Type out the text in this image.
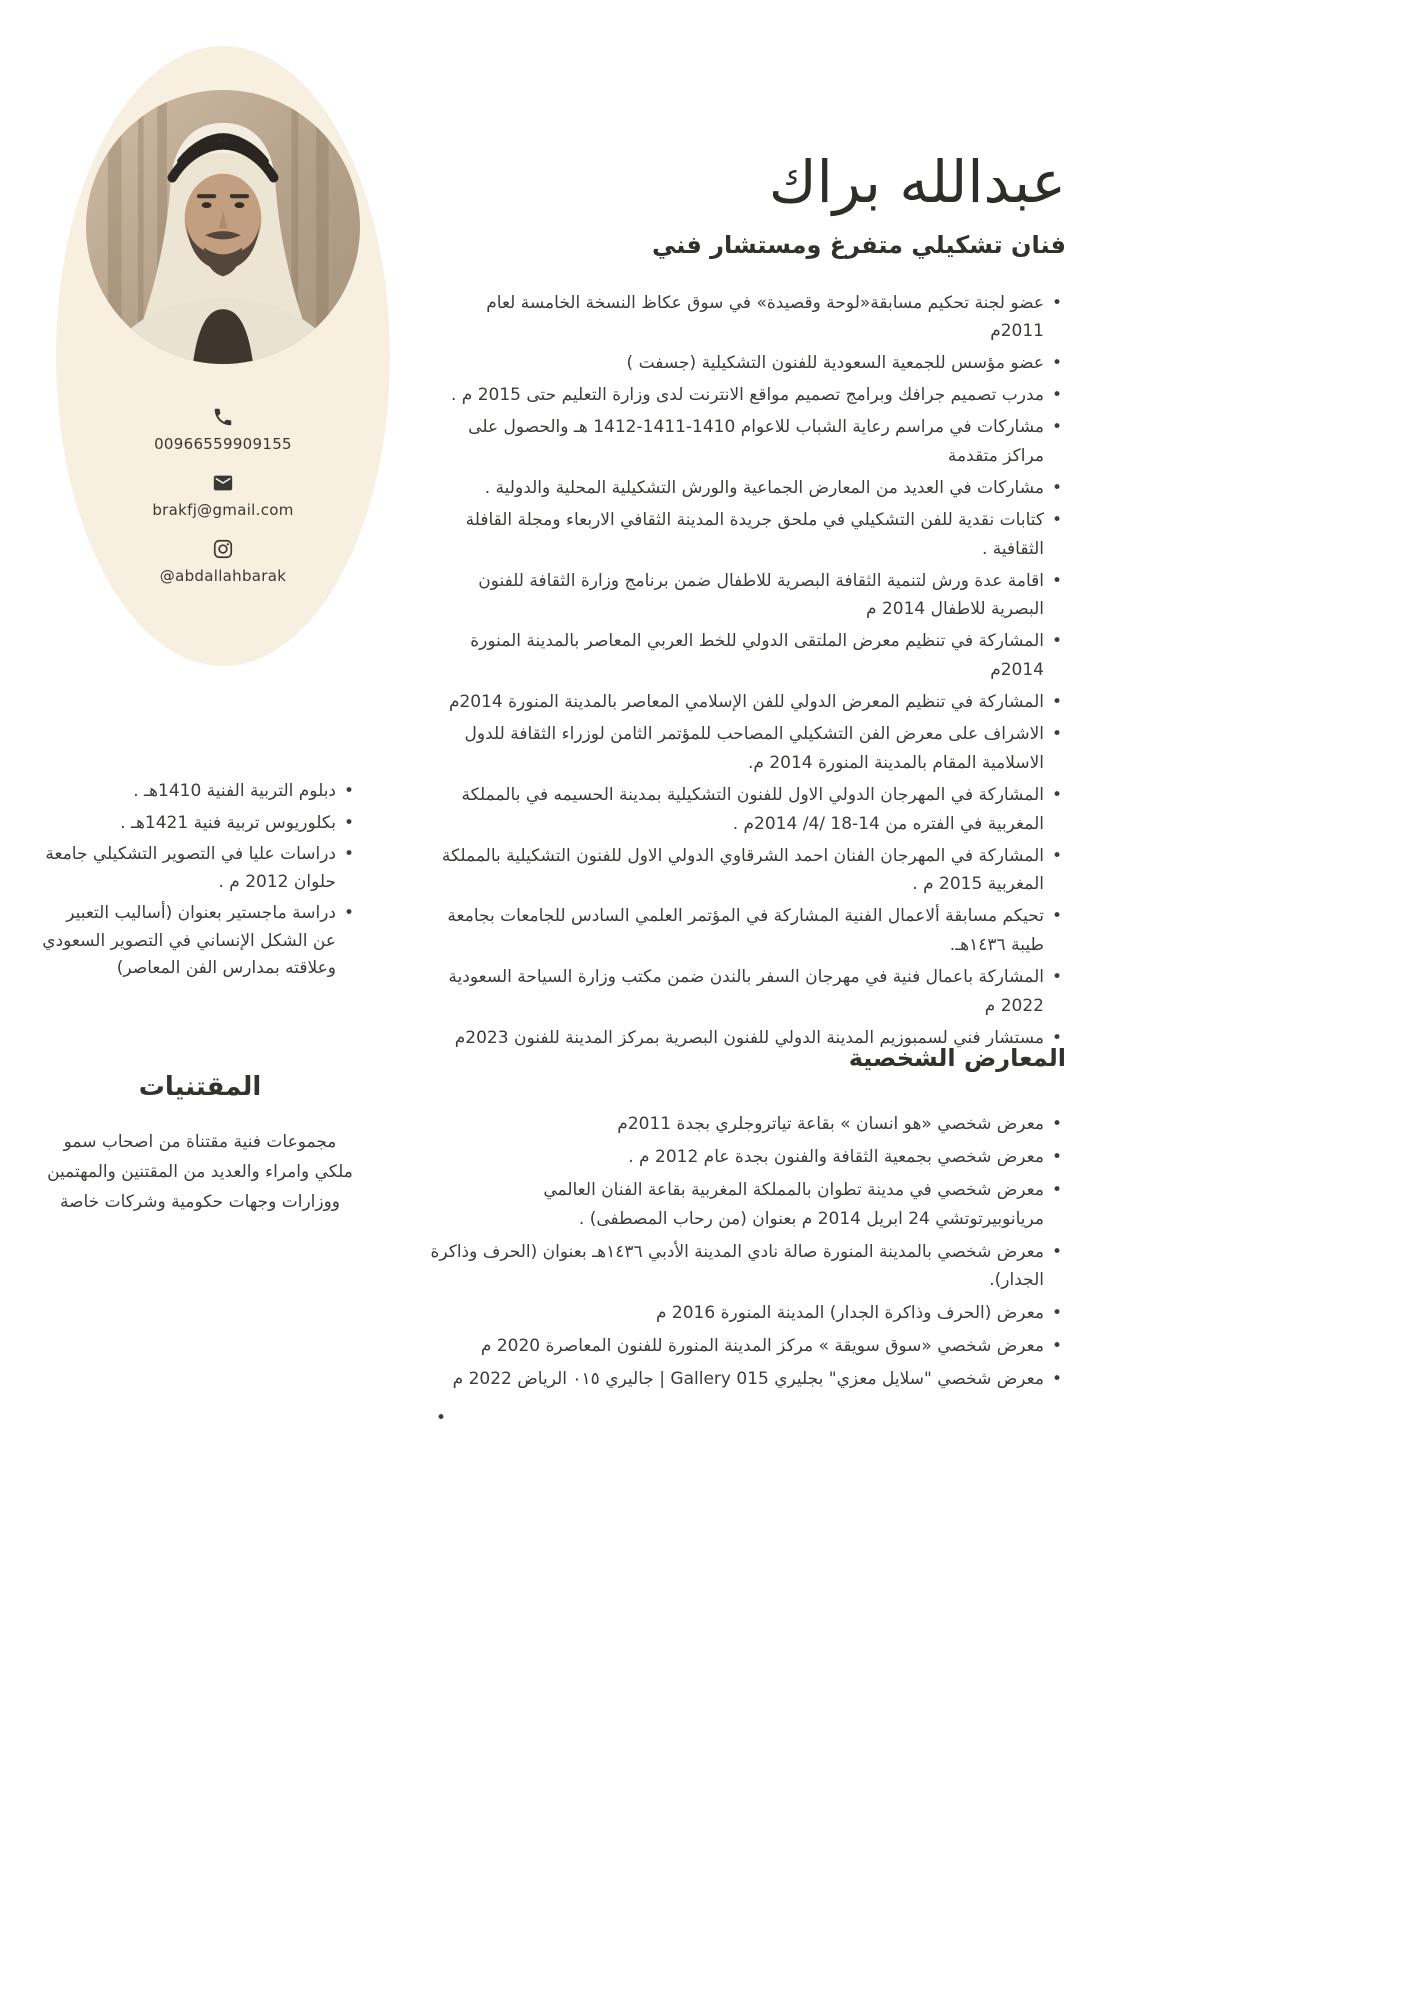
00966559909155
brakfj@gmail.com
@abdallahbarak
• دبلوم التربية الفنية 1410هـ .
• بكلوريوس تربية فنية 1421هـ .
• دراسات عليا في التصوير التشكيلي جامعة حلوان 2012 م .
• دراسة ماجستير بعنوان (أساليب التعبير عن الشكل الإنساني في التصوير السعودي وعلاقته بمدارس الفن المعاصر)
المقتنيات

مجموعات فنية مقتناة من اصحاب سمو ملكي وامراء والعديد من المقتنين والمهتمين ووزارات وجهات حكومية وشركات خاصة

عبدالله براك
فنان تشكيلي متفرغ ومستشار فني
• عضو لجنة تحكيم مسابقة«لوحة وقصيدة» في سوق عكاظ النسخة الخامسة لعام 2011م
• عضو مؤسس للجمعية السعودية للفنون التشكيلية (جسفت )
• مدرب تصميم جرافك وبرامج تصميم مواقع الانترنت لدى وزارة التعليم حتى 2015 م .
• مشاركات في مراسم رعاية الشباب للاعوام 1410-1411-1412 هـ والحصول على مراكز متقدمة
• مشاركات في العديد من المعارض الجماعية والورش التشكيلية المحلية والدولية .
• كتابات نقدية للفن التشكيلي في ملحق جريدة المدينة الثقافي الاربعاء ومجلة القافلة الثقافية .
• اقامة عدة ورش لتنمية الثقافة البصرية للاطفال ضمن برنامج وزارة الثقافة للفنون البصرية للاطفال 2014 م
• المشاركة في تنظيم معرض الملتقى الدولي للخط العربي المعاصر بالمدينة المنورة 2014م
• المشاركة في تنظيم المعرض الدولي للفن الإسلامي المعاصر بالمدينة المنورة 2014م
• الاشراف على معرض الفن التشكيلي المصاحب للمؤتمر الثامن لوزراء الثقافة للدول الاسلامية المقام بالمدينة المنورة 2014 م.
• المشاركة في المهرجان الدولي الاول للفنون التشكيلية بمدينة الحسيمه في بالمملكة المغربية في الفتره من 14-18 /4/ 2014م .
• المشاركة في المهرجان الفنان احمد الشرقاوي الدولي الاول للفنون التشكيلية بالمملكة المغربية 2015 م .
• تحيكم مسابقة ألاعمال الفنية المشاركة في المؤتمر العلمي السادس للجامعات بجامعة طيبة ١٤٣٦هـ.
• المشاركة باعمال فنية في مهرجان السفر بالندن ضمن مكتب وزارة السياحة السعودية 2022 م
• مستشار فني لسمبوزيم المدينة الدولي للفنون البصرية بمركز المدينة للفنون 2023م
المعارض الشخصية
• معرض شخصي «هو انسان » بقاعة تياتروجلري بجدة 2011م
• معرض شخصي بجمعية الثقافة والفنون بجدة عام 2012 م .
• معرض شخصي في مدينة تطوان بالمملكة المغربية بقاعة الفنان العالمي مريانوبيرتوتشي 24 ابريل 2014 م بعنوان (من رحاب المصطفى) .
• معرض شخصي بالمدينة المنورة صالة نادي المدينة الأدبي ١٤٣٦هـ بعنوان (الحرف وذاكرة الجدار).
• معرض (الحرف وذاكرة الجدار) المدينة المنورة 2016 م
• معرض شخصي «سوق سويقة » مركز المدينة المنورة للفنون المعاصرة 2020 م
• معرض شخصي "سلايل معزي" بجليري Gallery 015 | جاليري ٠١٥ الرياض 2022 م
•
